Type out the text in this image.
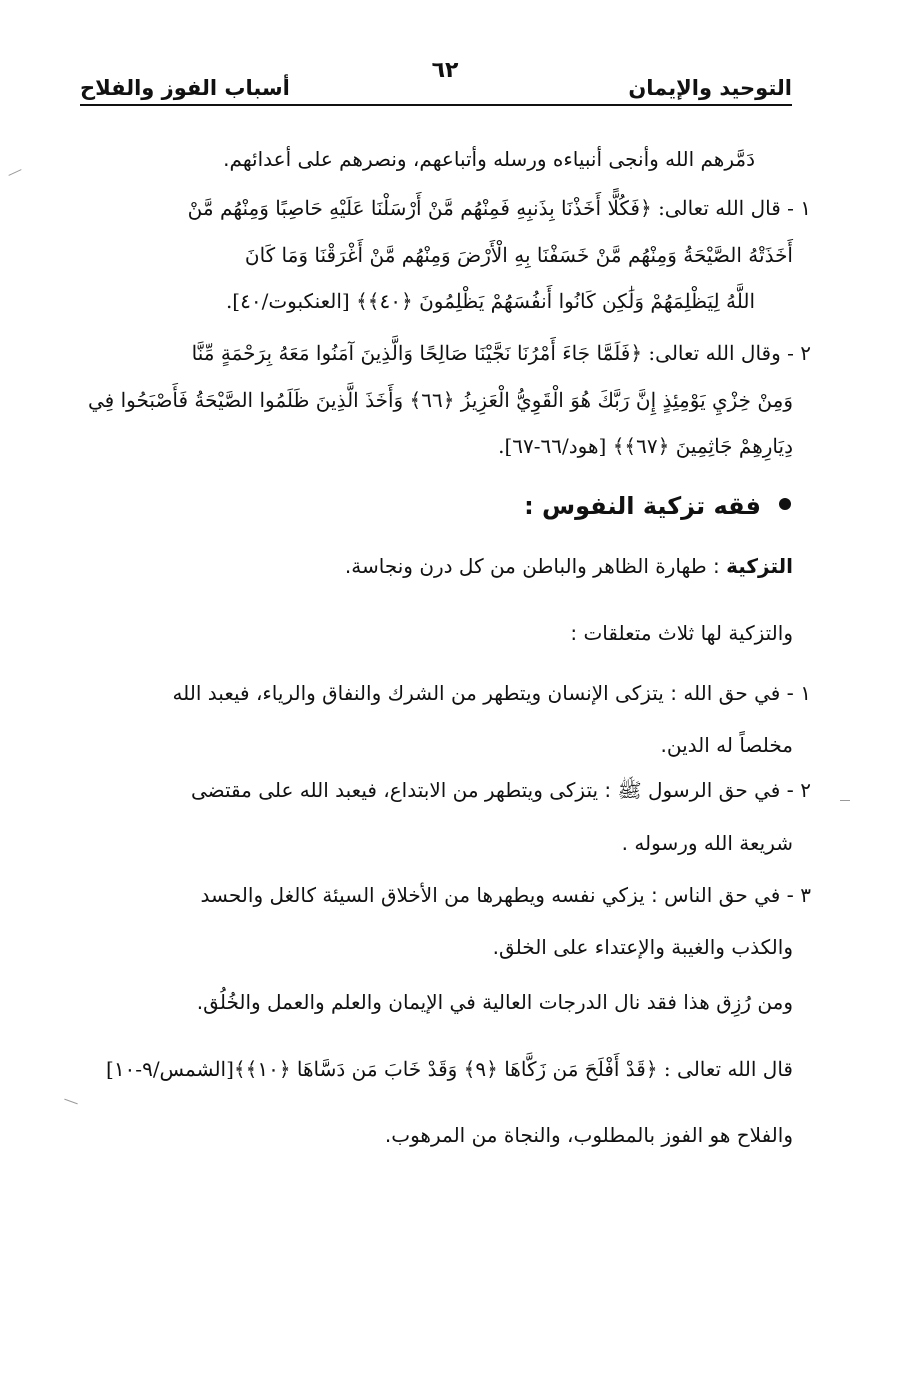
التوحيد والإيمان
٦٢
أسباب الفوز والفلاح
دَمَّرهم الله وأنجى أنبياءه ورسله وأتباعهم، ونصرهم على أعدائهم.
١ - قال الله تعالى: ﴿فَكُلًّا أَخَذْنَا بِذَنبِهِ فَمِنْهُم مَّنْ أَرْسَلْنَا عَلَيْهِ حَاصِبًا وَمِنْهُم مَّنْ
أَخَذَتْهُ الصَّيْحَةُ وَمِنْهُم مَّنْ خَسَفْنَا بِهِ الْأَرْضَ وَمِنْهُم مَّنْ أَغْرَقْنَا وَمَا كَانَ
اللَّهُ لِيَظْلِمَهُمْ وَلَٰكِن كَانُوا أَنفُسَهُمْ يَظْلِمُونَ ﴿٤٠﴾﴾ [العنكبوت/٤٠].
٢ - وقال الله تعالى: ﴿فَلَمَّا جَاءَ أَمْرُنَا نَجَّيْنَا صَالِحًا وَالَّذِينَ آمَنُوا مَعَهُ بِرَحْمَةٍ مِّنَّا
وَمِنْ خِزْيِ يَوْمِئِذٍ إِنَّ رَبَّكَ هُوَ الْقَوِيُّ الْعَزِيزُ ﴿٦٦﴾ وَأَخَذَ الَّذِينَ ظَلَمُوا الصَّيْحَةُ فَأَصْبَحُوا فِي
دِيَارِهِمْ جَاثِمِينَ ﴿٦٧﴾﴾ [هود/٦٦-٦٧].
فقه تزكية النفوس :
التزكية : طهارة الظاهر والباطن من كل درن ونجاسة.
والتزكية لها ثلاث متعلقات :
١ - في حق الله : يتزكى الإنسان ويتطهر من الشرك والنفاق والرياء، فيعبد الله
مخلصاً له الدين.
٢ - في حق الرسول ﷺ : يتزكى ويتطهر من الابتداع، فيعبد الله على مقتضى
شريعة الله ورسوله .
٣ - في حق الناس : يزكي نفسه ويطهرها من الأخلاق السيئة كالغل والحسد
والكذب والغيبة والإعتداء على الخلق.
ومن رُزِق هذا فقد نال الدرجات العالية في الإيمان والعلم والعمل والخُلُق.
قال الله تعالى : ﴿قَدْ أَفْلَحَ مَن زَكَّاهَا ﴿٩﴾ وَقَدْ خَابَ مَن دَسَّاهَا ﴿١٠﴾﴾[الشمس/٩-١٠]
والفلاح هو الفوز بالمطلوب، والنجاة من المرهوب.
